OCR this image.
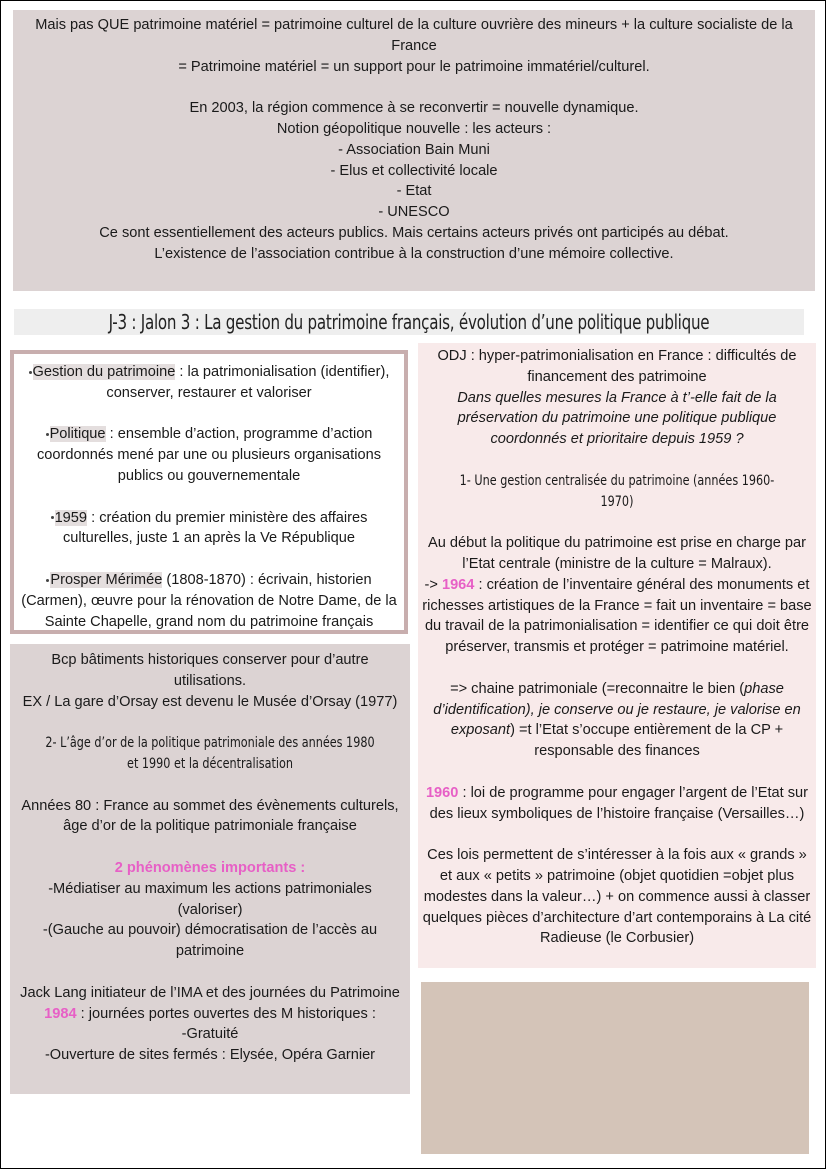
Mais pas QUE patrimoine matériel = patrimoine culturel de la culture ouvrière des mineurs + la culture socialiste de la France

= Patrimoine matériel = un support pour le patrimoine immatériel/culturel.

En 2003, la région commence à se reconvertir = nouvelle dynamique.

Notion géopolitique nouvelle : les acteurs :

- Association Bain Muni

- Elus et collectivité locale

- Etat

- UNESCO

Ce sont essentiellement des acteurs publics. Mais certains acteurs privés ont participés au débat.

L’existence de l’association contribue à la construction d’une mémoire collective.

J-3 : Jalon 3 : La gestion du patrimoine français, évolution d’une politique publique

Gestion du patrimoine : la patrimonialisation (identifier), conserver, restaurer et valoriser

Politique : ensemble d’action, programme d’action coordonnés mené par une ou plusieurs organisations publics ou gouvernementale

1959 : création du premier ministère des affaires culturelles, juste 1 an après la Ve République

Prosper Mérimée (1808-1870) : écrivain, historien (Carmen), œuvre pour la rénovation de Notre Dame, de la Sainte Chapelle, grand nom du patrimoine français

Bcp bâtiments historiques conserver pour d’autre utilisations.

EX / La gare d’Orsay est devenu le Musée d’Orsay (1977)

2- L’âge d’or de la politique patrimoniale des années 1980 et 1990 et la décentralisation

Années 80 : France au sommet des évènements culturels, âge d’or de la politique patrimoniale française

2 phénomènes importants :

-Médiatiser au maximum les actions patrimoniales (valoriser)

-(Gauche au pouvoir) démocratisation de l’accès au patrimoine

Jack Lang initiateur de l’IMA et des journées du Patrimoine

1984 : journées portes ouvertes des M historiques :

-Gratuité

-Ouverture de sites fermés : Elysée, Opéra Garnier

ODJ : hyper-patrimonialisation en France : difficultés de financement des patrimoine

Dans quelles mesures la France à t’-elle fait de la préservation du patrimoine une politique publique coordonnés et prioritaire depuis 1959 ?

1- Une gestion centralisée du patrimoine (années 1960-1970)

Au début la politique du patrimoine est prise en charge par l’Etat centrale (ministre de la culture = Malraux).

-> 1964 : création de l’inventaire général des monuments et richesses artistiques de la France = fait un inventaire = base du travail de la patrimonialisation = identifier ce qui doit être préserver, transmis et protéger = patrimoine matériel.

=> chaine patrimoniale (=reconnaitre le bien (phase d’identification), je conserve ou je restaure, je valorise en exposant) =t l’Etat s’occupe entièrement de la CP + responsable des finances

1960 : loi de programme pour engager l’argent de l’Etat sur des lieux symboliques de l’histoire française (Versailles…)

Ces lois permettent de s’intéresser à la fois aux « grands » et aux « petits » patrimoine (objet quotidien =objet plus modestes dans la valeur…) + on commence aussi à classer quelques pièces d’architecture d’art contemporains à La cité Radieuse (le Corbusier)
